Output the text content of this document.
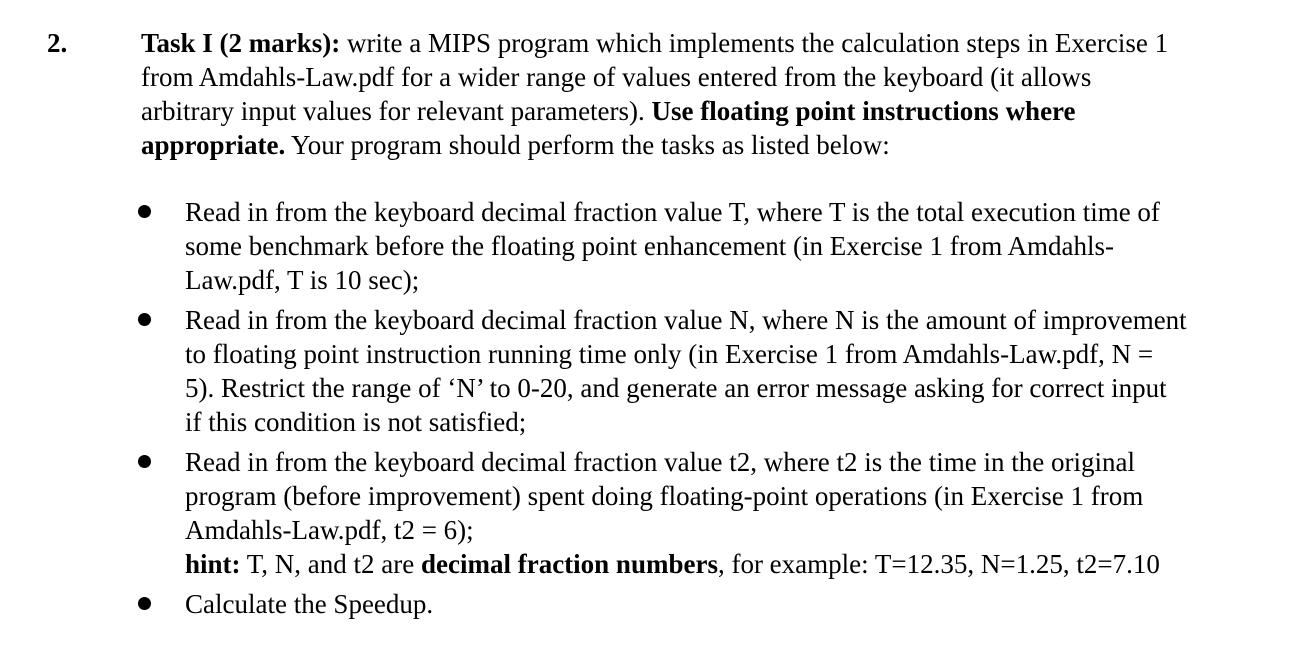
2.	Task I (2 marks): write a MIPS program which implements the calculation steps in Exercise 1
from Amdahls-Law.pdf for a wider range of values entered from the keyboard (it allows
arbitrary input values for relevant parameters). Use floating point instructions where
appropriate. Your program should perform the tasks as listed below:

Read in from the keyboard decimal fraction value T, where T is the total execution time of
some benchmark before the floating point enhancement (in Exercise 1 from Amdahls-
Law.pdf, T is 10 sec);
Read in from the keyboard decimal fraction value N, where N is the amount of improvement
to floating point instruction running time only (in Exercise 1 from Amdahls-Law.pdf, N =
5). Restrict the range of ‘N’ to 0-20, and generate an error message asking for correct input
if this condition is not satisfied;
Read in from the keyboard decimal fraction value t2, where t2 is the time in the original
program (before improvement) spent doing floating-point operations (in Exercise 1 from
Amdahls-Law.pdf, t2 = 6);
hint: T, N, and t2 are decimal fraction numbers, for example: T=12.35, N=1.25, t2=7.10
Calculate the Speedup.
